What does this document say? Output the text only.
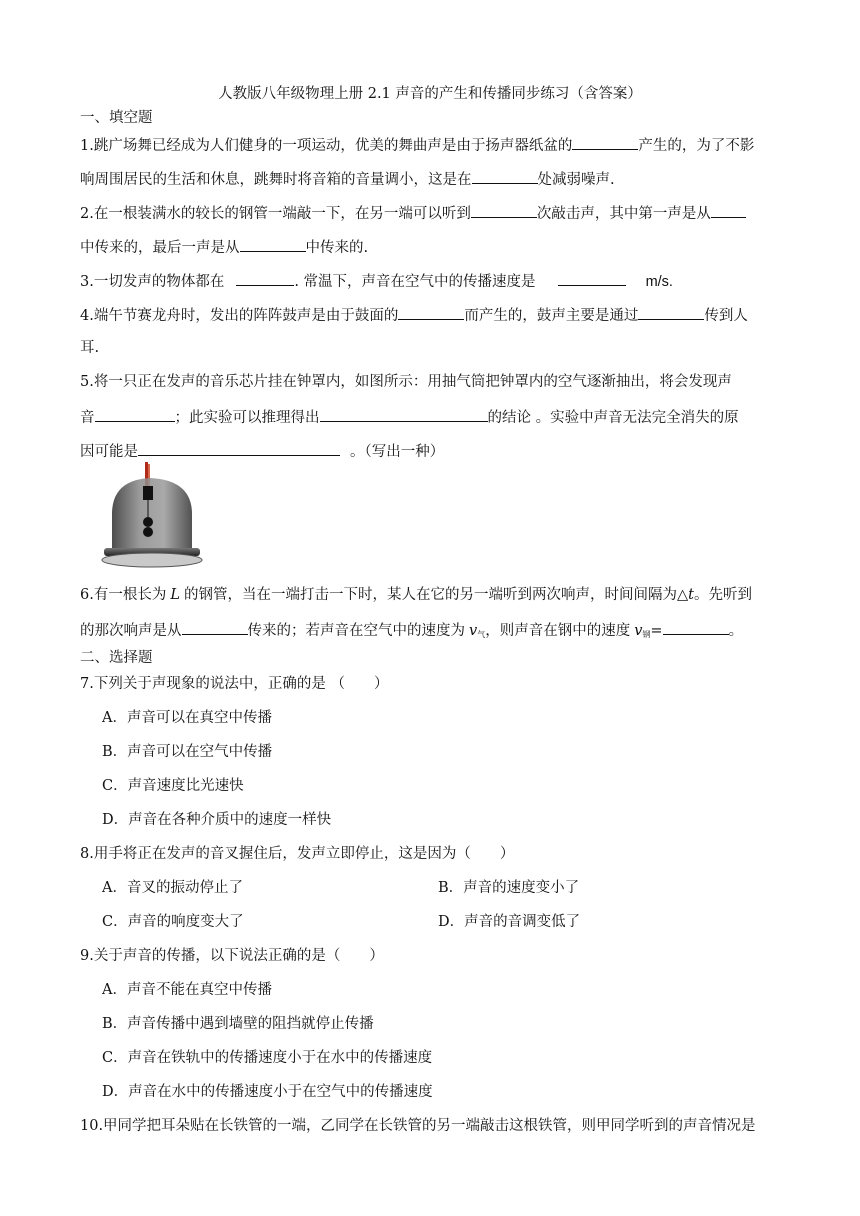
人教版八年级物理上册 2.1 声音的产生和传播同步练习（含答案）
一、填空题
1.跳广场舞已经成为人们健身的一项运动，优美的舞曲声是由于扬声器纸盆的	产生的，为了不影
响周围居民的生活和休息，跳舞时将音箱的音量调小，这是在	处减弱噪声.
2.在一根装满水的较长的钢管一端敲一下，在另一端可以听到	次敲击声，其中第一声是从
中传来的，最后一声是从	中传来的.
3.一切发声的物体都在	. 常温下，声音在空气中的传播速度是	m/s.
4.端午节赛龙舟时，发出的阵阵鼓声是由于鼓面的	而产生的，鼓声主要是通过	传到人
耳.
5.将一只正在发声的音乐芯片挂在钟罩内，如图所示：用抽气筒把钟罩内的空气逐渐抽出，将会发现声
音	；此实验可以推理得出	的结论 。实验中声音无法完全消失的原
因可能是	。（写出一种）
6.有一根长为 L 的钢管，当在一端打击一下时，某人在它的另一端听到两次响声，时间间隔为△t。先听到
的那次响声是从	传来的；若声音在空气中的速度为 $v_气$，则声音在钢中的速度 $v_钢=$	。
二、选择题
7.下列关于声现象的说法中，正确的是 （　　）
A．声音可以在真空中传播
B．声音可以在空气中传播
C．声音速度比光速快
D．声音在各种介质中的速度一样快
8.用手将正在发声的音叉握住后，发声立即停止，这是因为（　　）
A．音叉的振动停止了	B．声音的速度变小了
C．声音的响度变大了	D．声音的音调变低了
9.关于声音的传播，以下说法正确的是（　　）
A．声音不能在真空中传播
B．声音传播中遇到墙壁的阻挡就停止传播
C．声音在铁轨中的传播速度小于在水中的传播速度
D．声音在水中的传播速度小于在空气中的传播速度
10.甲同学把耳朵贴在长铁管的一端，乙同学在长铁管的另一端敲击这根铁管，则甲同学听到的声音情况是
